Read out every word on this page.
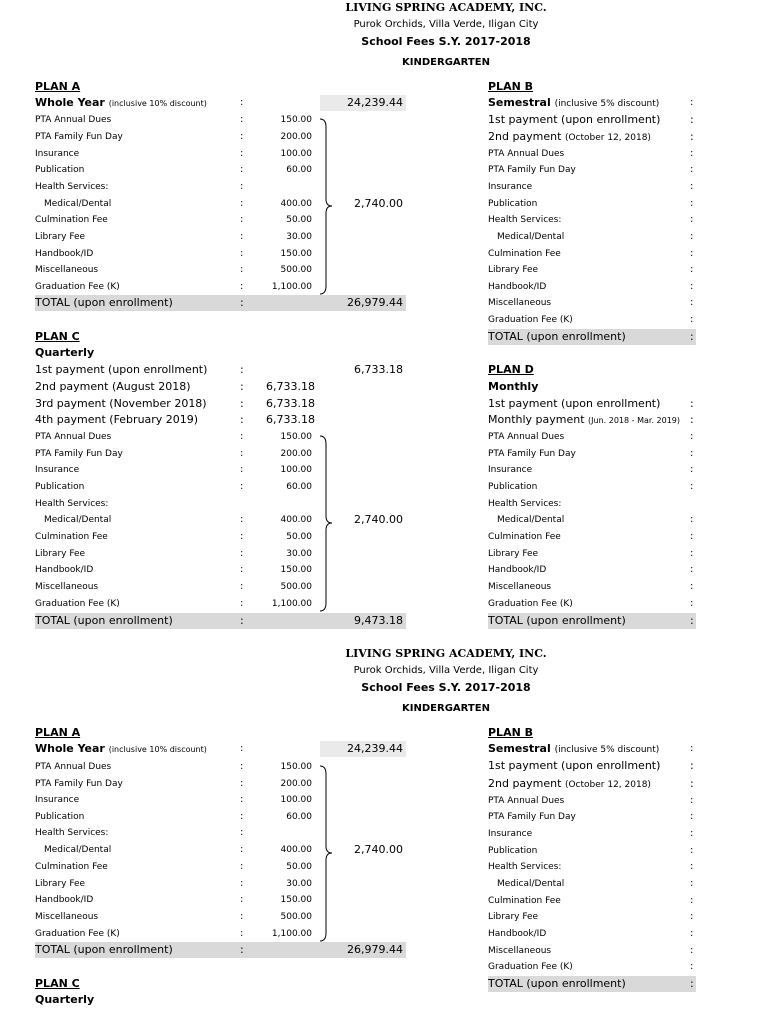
LIVING SPRING ACADEMY, INC.
Purok Orchids, Villa Verde, Iligan City
School Fees S.Y. 2017-2018
KINDERGARTEN
PLAN A
Whole Year (inclusive 10% discount)	:	24,239.44
PTA Annual Dues	:	150.00
PTA Family Fun Day	:	200.00
Insurance	:	100.00
Publication	:	60.00
Health Services:	:
Medical/Dental	:	400.00	2,740.00
Culmination Fee	:	50.00
Library Fee	:	30.00
Handbook/ID	:	150.00
Miscellaneous	:	500.00
Graduation Fee (K)	:	1,100.00
TOTAL (upon enrollment)	:	26,979.44
PLAN B
Semestral (inclusive 5% discount)	:
1st payment (upon enrollment)	:
2nd payment (October 12, 2018)	:
PTA Annual Dues	:
PTA Family Fun Day	:
Insurance	:
Publication	:
Health Services:	:
Medical/Dental	:
Culmination Fee	:
Library Fee	:
Handbook/ID	:
Miscellaneous	:
Graduation Fee (K)	:
TOTAL (upon enrollment)	:
PLAN C
Quarterly
1st payment (upon enrollment)	:	6,733.18
2nd payment (August 2018)	:	6,733.18
3rd payment (November 2018)	:	6,733.18
4th payment (February 2019)	:	6,733.18
PTA Annual Dues	:	150.00
PTA Family Fun Day	:	200.00
Insurance	:	100.00
Publication	:	60.00
Health Services:
Medical/Dental	:	400.00	2,740.00
Culmination Fee	:	50.00
Library Fee	:	30.00
Handbook/ID	:	150.00
Miscellaneous	:	500.00
Graduation Fee (K)	:	1,100.00
TOTAL (upon enrollment)	:	9,473.18
PLAN D
Monthly
1st payment (upon enrollment)	:
Monthly payment (Jun. 2018 - Mar. 2019) :
PTA Annual Dues	:
PTA Family Fun Day	:
Insurance	:
Publication	:
Health Services:
Medical/Dental	:
Culmination Fee	:
Library Fee	:
Handbook/ID	:
Miscellaneous	:
Graduation Fee (K)	:
TOTAL (upon enrollment)	:
LIVING SPRING ACADEMY, INC.
Purok Orchids, Villa Verde, Iligan City
School Fees S.Y. 2017-2018
KINDERGARTEN
PLAN A
Whole Year (inclusive 10% discount)	:	24,239.44
PTA Annual Dues	:	150.00
PTA Family Fun Day	:	200.00
Insurance	:	100.00
Publication	:	60.00
Health Services:	:
Medical/Dental	:	400.00	2,740.00
Culmination Fee	:	50.00
Library Fee	:	30.00
Handbook/ID	:	150.00
Miscellaneous	:	500.00
Graduation Fee (K)	:	1,100.00
TOTAL (upon enrollment)	:	26,979.44
PLAN B
Semestral (inclusive 5% discount)	:
1st payment (upon enrollment)	:
2nd payment (October 12, 2018)	:
PTA Annual Dues	:
PTA Family Fun Day	:
Insurance	:
Publication	:
Health Services:	:
Medical/Dental	:
Culmination Fee	:
Library Fee	:
Handbook/ID	:
Miscellaneous	:
Graduation Fee (K)	:
TOTAL (upon enrollment)	:
PLAN C
Quarterly
